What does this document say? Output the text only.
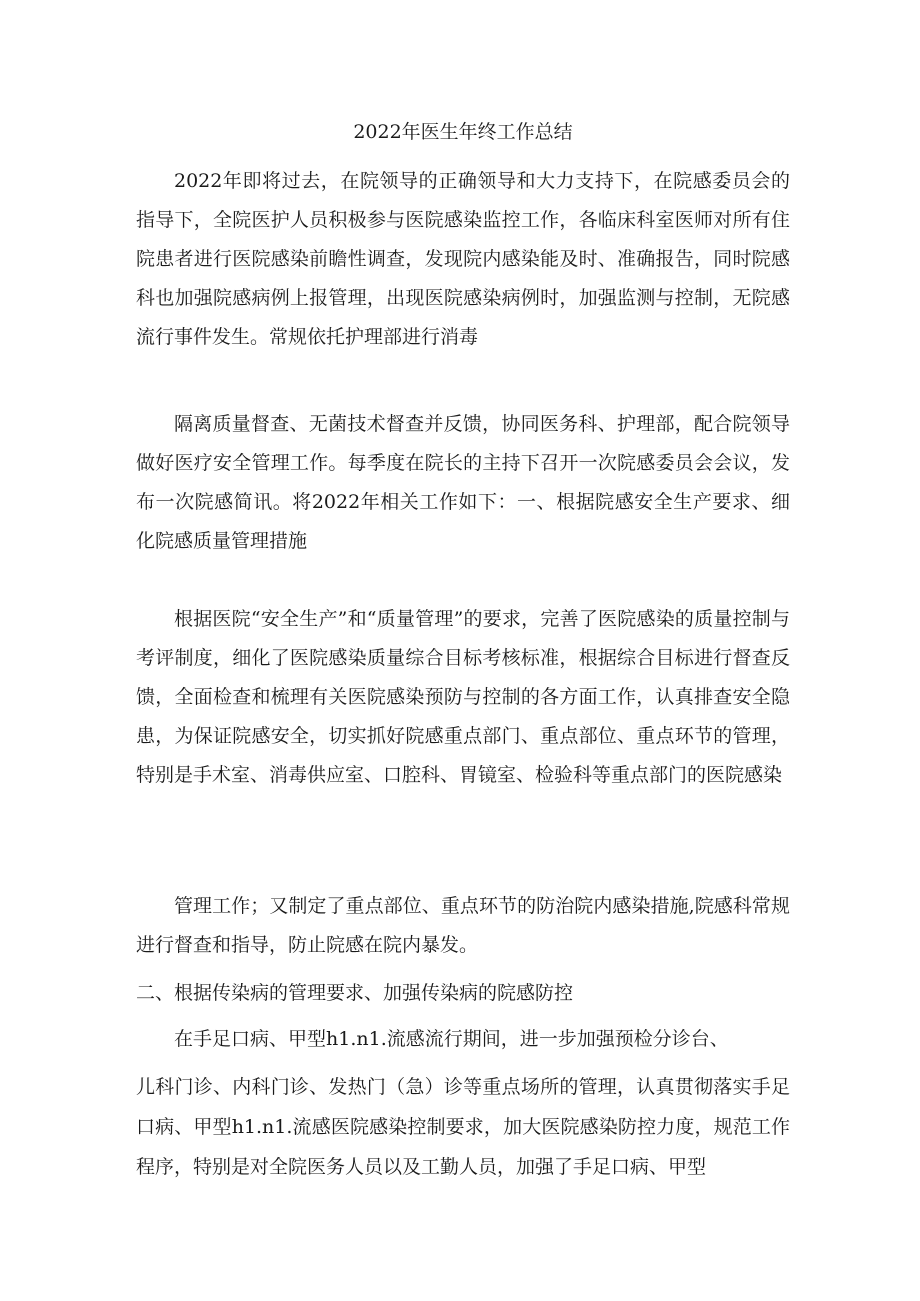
2022年医生年终工作总结

2022年即将过去，在院领导的正确领导和大力支持下，在院感委员会的指导下，全院医护人员积极参与医院感染监控工作，各临床科室医师对所有住院患者进行医院感染前瞻性调查，发现院内感染能及时、准确报告，同时院感科也加强院感病例上报管理，出现医院感染病例时，加强监测与控制，无院感流行事件发生。常规依托护理部进行消毒

隔离质量督查、无菌技术督查并反馈，协同医务科、护理部，配合院领导做好医疗安全管理工作。每季度在院长的主持下召开一次院感委员会会议，发布一次院感简讯。将2022年相关工作如下：一、根据院感安全生产要求、细化院感质量管理措施

根据医院“安全生产”和“质量管理”的要求，完善了医院感染的质量控制与考评制度，细化了医院感染质量综合目标考核标准，根据综合目标进行督查反馈，全面检查和梳理有关医院感染预防与控制的各方面工作，认真排查安全隐患，为保证院感安全，切实抓好院感重点部门、重点部位、重点环节的管理，特别是手术室、消毒供应室、口腔科、胃镜室、检验科等重点部门的医院感染

管理工作；又制定了重点部位、重点环节的防治院内感染措施,院感科常规进行督查和指导，防止院感在院内暴发。

二、根据传染病的管理要求、加强传染病的院感防控

在手足口病、甲型h1.n1.流感流行期间，进一步加强预检分诊台、

儿科门诊、内科门诊、发热门（急）诊等重点场所的管理，认真贯彻落实手足口病、甲型h1.n1.流感医院感染控制要求，加大医院感染防控力度，规范工作程序，特别是对全院医务人员以及工勤人员，加强了手足口病、甲型
